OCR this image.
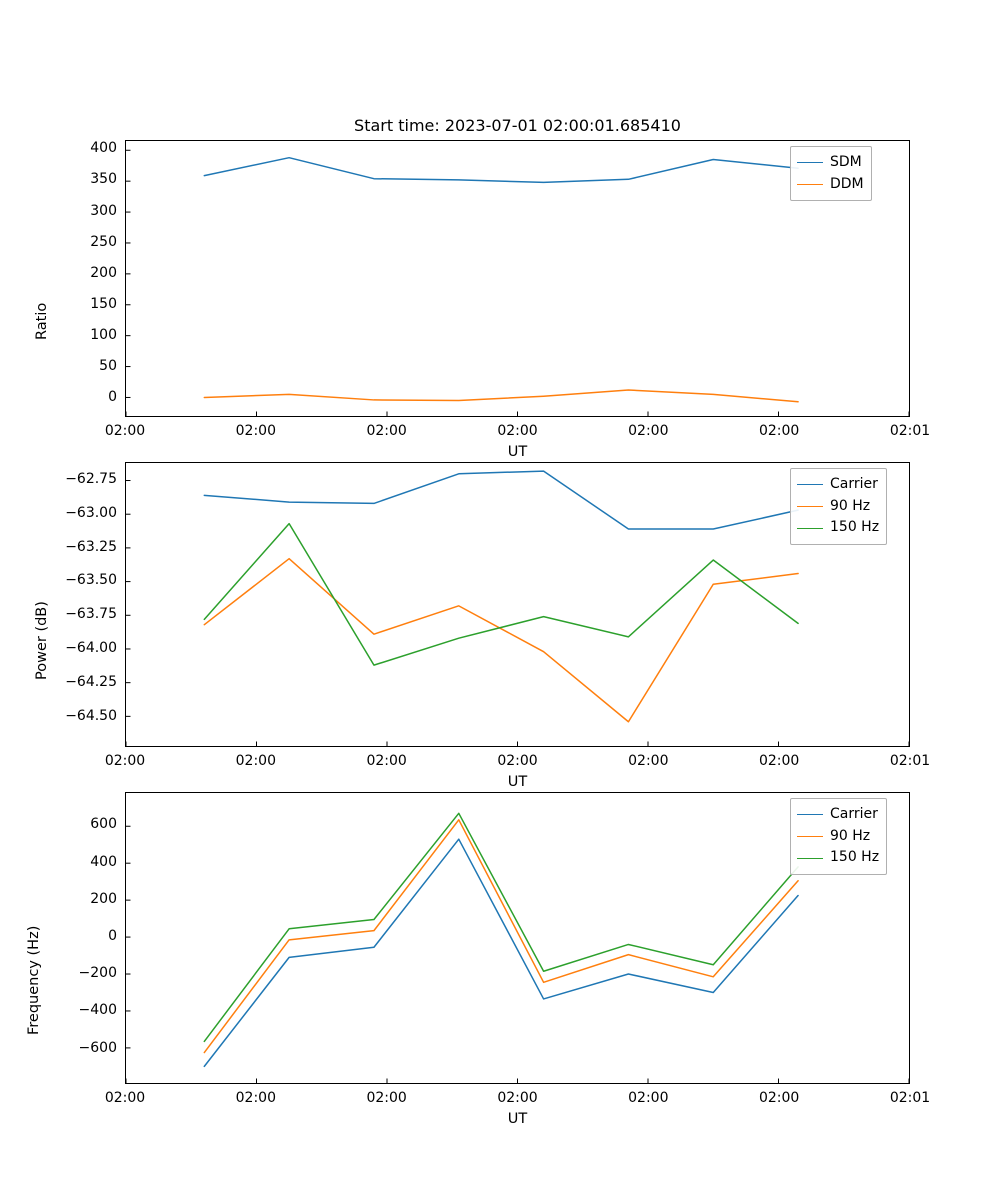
Start time: 2023-07-01 02:00:01.685410
Ratio
UT
SDM
DDM
02:00	02:00	02:00	02:00	02:00	02:00	02:01
0
50
100
150
200
250
300
350
400
Power (dB)
UT
Carrier
90 Hz
150 Hz
02:00	02:00	02:00	02:00	02:00	02:00	02:01
−64.50
−64.25
−64.00
−63.75
−63.50
−63.25
−63.00
−62.75
Frequency (Hz)
UT
Carrier
90 Hz
150 Hz
02:00	02:00	02:00	02:00	02:00	02:00	02:01
−600
−400
−200
0
200
400
600
